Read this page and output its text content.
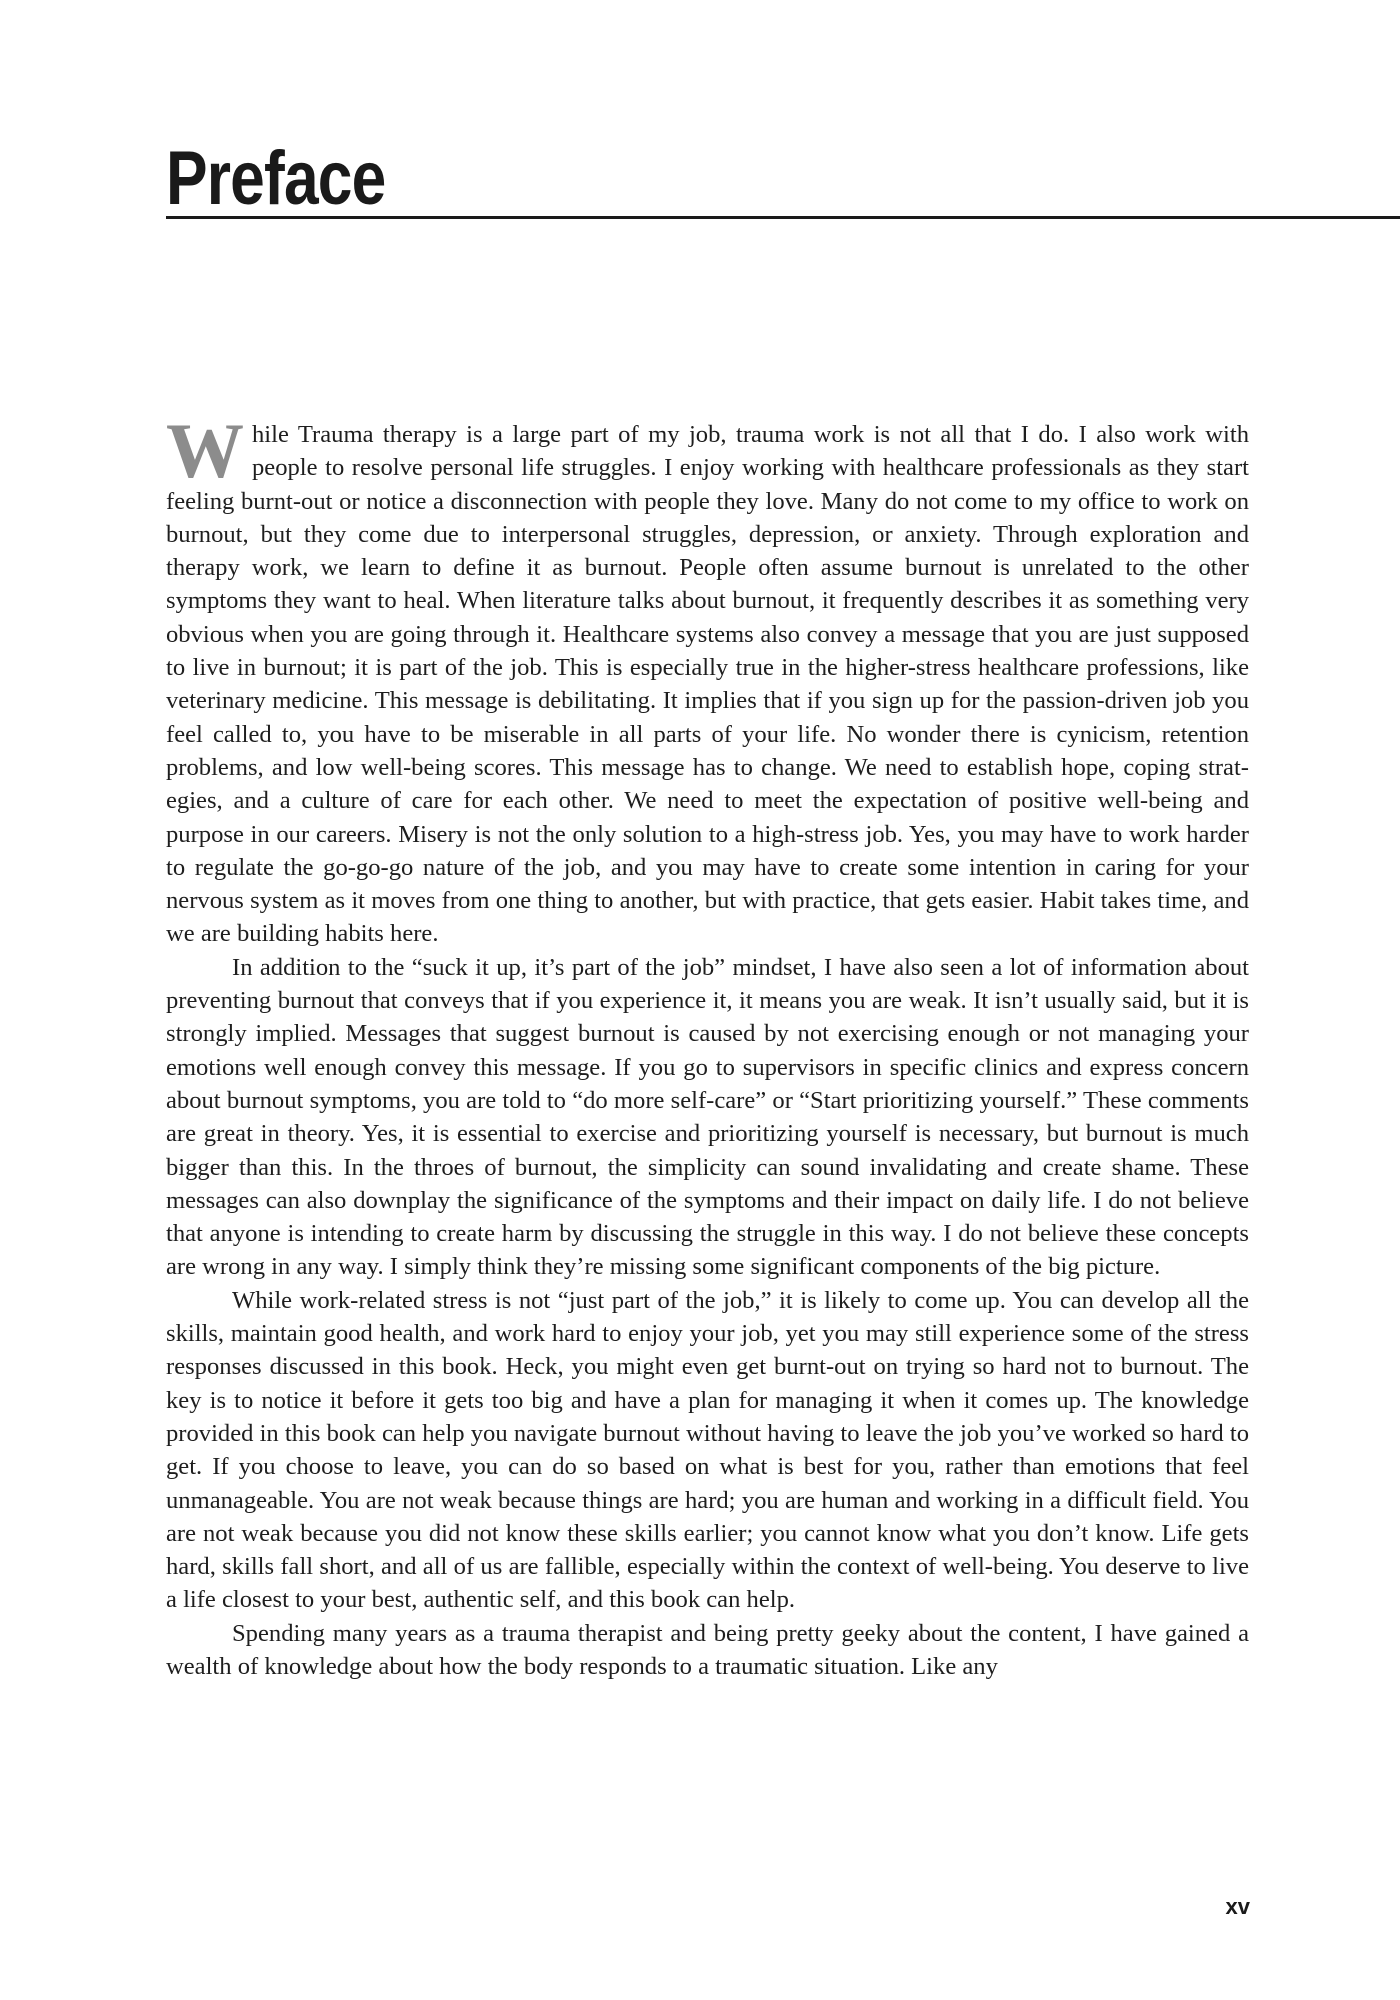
Preface

While Trauma therapy is a large part of my job, trauma work is not all that I do. I also work with people to resolve personal life struggles. I enjoy working with healthcare professionals as they start feeling burnt-out or notice a disconnection with people they love. Many do not come to my office to work on burnout, but they come due to interpersonal struggles, depression, or anxiety. Through exploration and therapy work, we learn to define it as burnout. People often assume burnout is unrelated to the other symptoms they want to heal. When literature talks about burnout, it frequently describes it as something very obvious when you are going through it. Healthcare systems also convey a message that you are just supposed to live in burnout; it is part of the job. This is especially true in the higher-stress healthcare professions, like veterinary medicine. This message is debilitating. It implies that if you sign up for the passion-driven job you feel called to, you have to be miserable in all parts of your life. No wonder there is cynicism, retention problems, and low well-being scores. This message has to change. We need to establish hope, coping strategies, and a culture of care for each other. We need to meet the expectation of positive well-being and purpose in our careers. Misery is not the only solution to a high-stress job. Yes, you may have to work harder to regulate the go-go-go nature of the job, and you may have to create some intention in caring for your nervous system as it moves from one thing to another, but with practice, that gets easier. Habit takes time, and we are building habits here.

In addition to the “suck it up, it’s part of the job” mindset, I have also seen a lot of information about preventing burnout that conveys that if you experience it, it means you are weak. It isn’t usually said, but it is strongly implied. Messages that suggest burnout is caused by not exercising enough or not managing your emotions well enough convey this message. If you go to supervisors in specific clinics and express concern about burnout symptoms, you are told to “do more self-care” or “Start prioritizing yourself.” These comments are great in theory. Yes, it is essential to exercise and prioritizing yourself is necessary, but burnout is much bigger than this. In the throes of burnout, the simplicity can sound invalidating and create shame. These messages can also downplay the significance of the symptoms and their impact on daily life. I do not believe that anyone is intending to create harm by discussing the struggle in this way. I do not believe these concepts are wrong in any way. I simply think they’re missing some significant components of the big picture.

While work-related stress is not “just part of the job,” it is likely to come up. You can develop all the skills, maintain good health, and work hard to enjoy your job, yet you may still experience some of the stress responses discussed in this book. Heck, you might even get burnt-out on trying so hard not to burnout. The key is to notice it before it gets too big and have a plan for managing it when it comes up. The knowledge provided in this book can help you navigate burnout without having to leave the job you’ve worked so hard to get. If you choose to leave, you can do so based on what is best for you, rather than emotions that feel unmanageable. You are not weak because things are hard; you are human and working in a difficult field. You are not weak because you did not know these skills earlier; you cannot know what you don’t know. Life gets hard, skills fall short, and all of us are fallible, especially within the context of well-being. You deserve to live a life closest to your best, authentic self, and this book can help.

Spending many years as a trauma therapist and being pretty geeky about the content, I have gained a wealth of knowledge about how the body responds to a traumatic situation. Like any

xv
